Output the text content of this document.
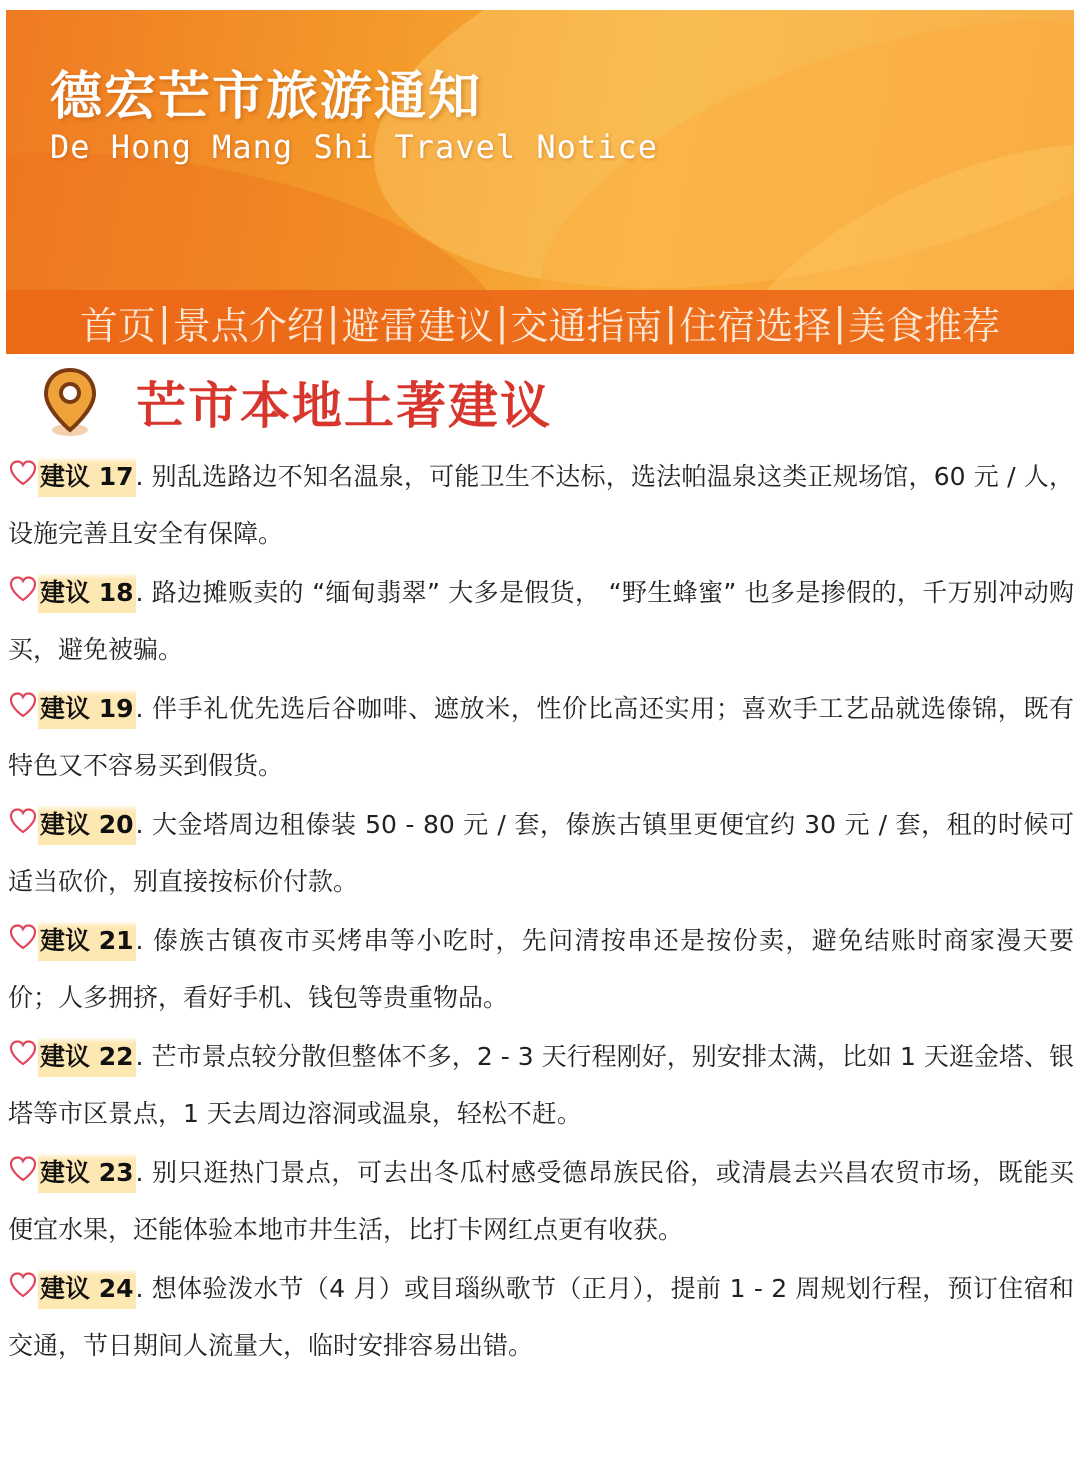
德宏芒市旅游通知
De Hong Mang Shi Travel Notice
首页 | 景点介绍 | 避雷建议 | 交通指南 | 住宿选择 | 美食推荐
芒市本地土著建议
建议 17. 别乱选路边不知名温泉，可能卫生不达标，选法帕温泉这类正规场馆，60 元 / 人，设施完善且安全有保障。
建议 18. 路边摊贩卖的 “缅甸翡翠” 大多是假货， “野生蜂蜜” 也多是掺假的，千万别冲动购买，避免被骗。
建议 19. 伴手礼优先选后谷咖啡、遮放米，性价比高还实用；喜欢手工艺品就选傣锦，既有特色又不容易买到假货。
建议 20. 大金塔周边租傣装 50 - 80 元 / 套，傣族古镇里更便宜约 30 元 / 套，租的时候可适当砍价，别直接按标价付款。
建议 21. 傣族古镇夜市买烤串等小吃时，先问清按串还是按份卖，避免结账时商家漫天要价；人多拥挤，看好手机、钱包等贵重物品。
建议 22. 芒市景点较分散但整体不多，2 - 3 天行程刚好，别安排太满，比如 1 天逛金塔、银塔等市区景点，1 天去周边溶洞或温泉，轻松不赶。
建议 23. 别只逛热门景点，可去出冬瓜村感受德昂族民俗，或清晨去兴昌农贸市场，既能买便宜水果，还能体验本地市井生活，比打卡网红点更有收获。
建议 24. 想体验泼水节（4 月）或目瑙纵歌节（正月），提前 1 - 2 周规划行程，预订住宿和交通，节日期间人流量大，临时安排容易出错。
